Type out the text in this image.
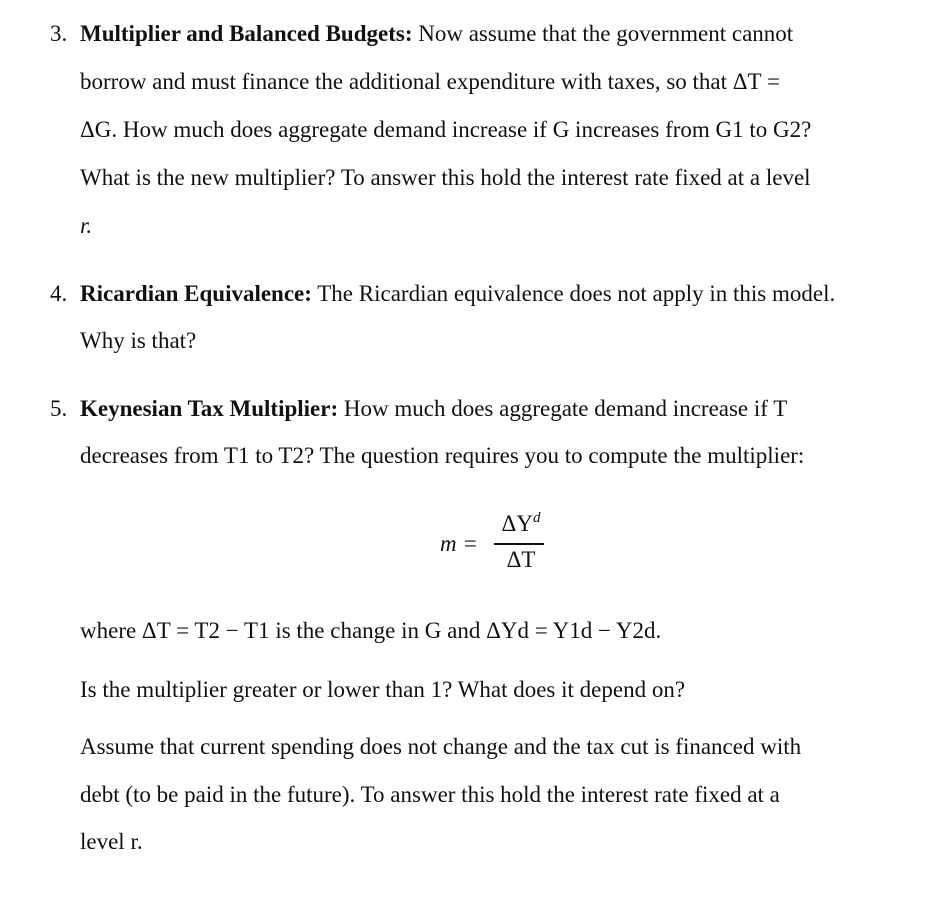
3. Multiplier and Balanced Budgets: Now assume that the government cannot
borrow and must finance the additional expenditure with taxes, so that ΔT =
ΔG. How much does aggregate demand increase if G increases from G1 to G2?
What is the new multiplier? To answer this hold the interest rate fixed at a level
r.
4. Ricardian Equivalence: The Ricardian equivalence does not apply in this model.
Why is that?
5. Keynesian Tax Multiplier: How much does aggregate demand increase if T
decreases from T1 to T2? The question requires you to compute the multiplier:
m =
$\Delta Y^d$
ΔT
where ΔT = T2 − T1 is the change in G and ΔYd = Y1d − Y2d.
Is the multiplier greater or lower than 1? What does it depend on?
Assume that current spending does not change and the tax cut is financed with
debt (to be paid in the future). To answer this hold the interest rate fixed at a
level r.
